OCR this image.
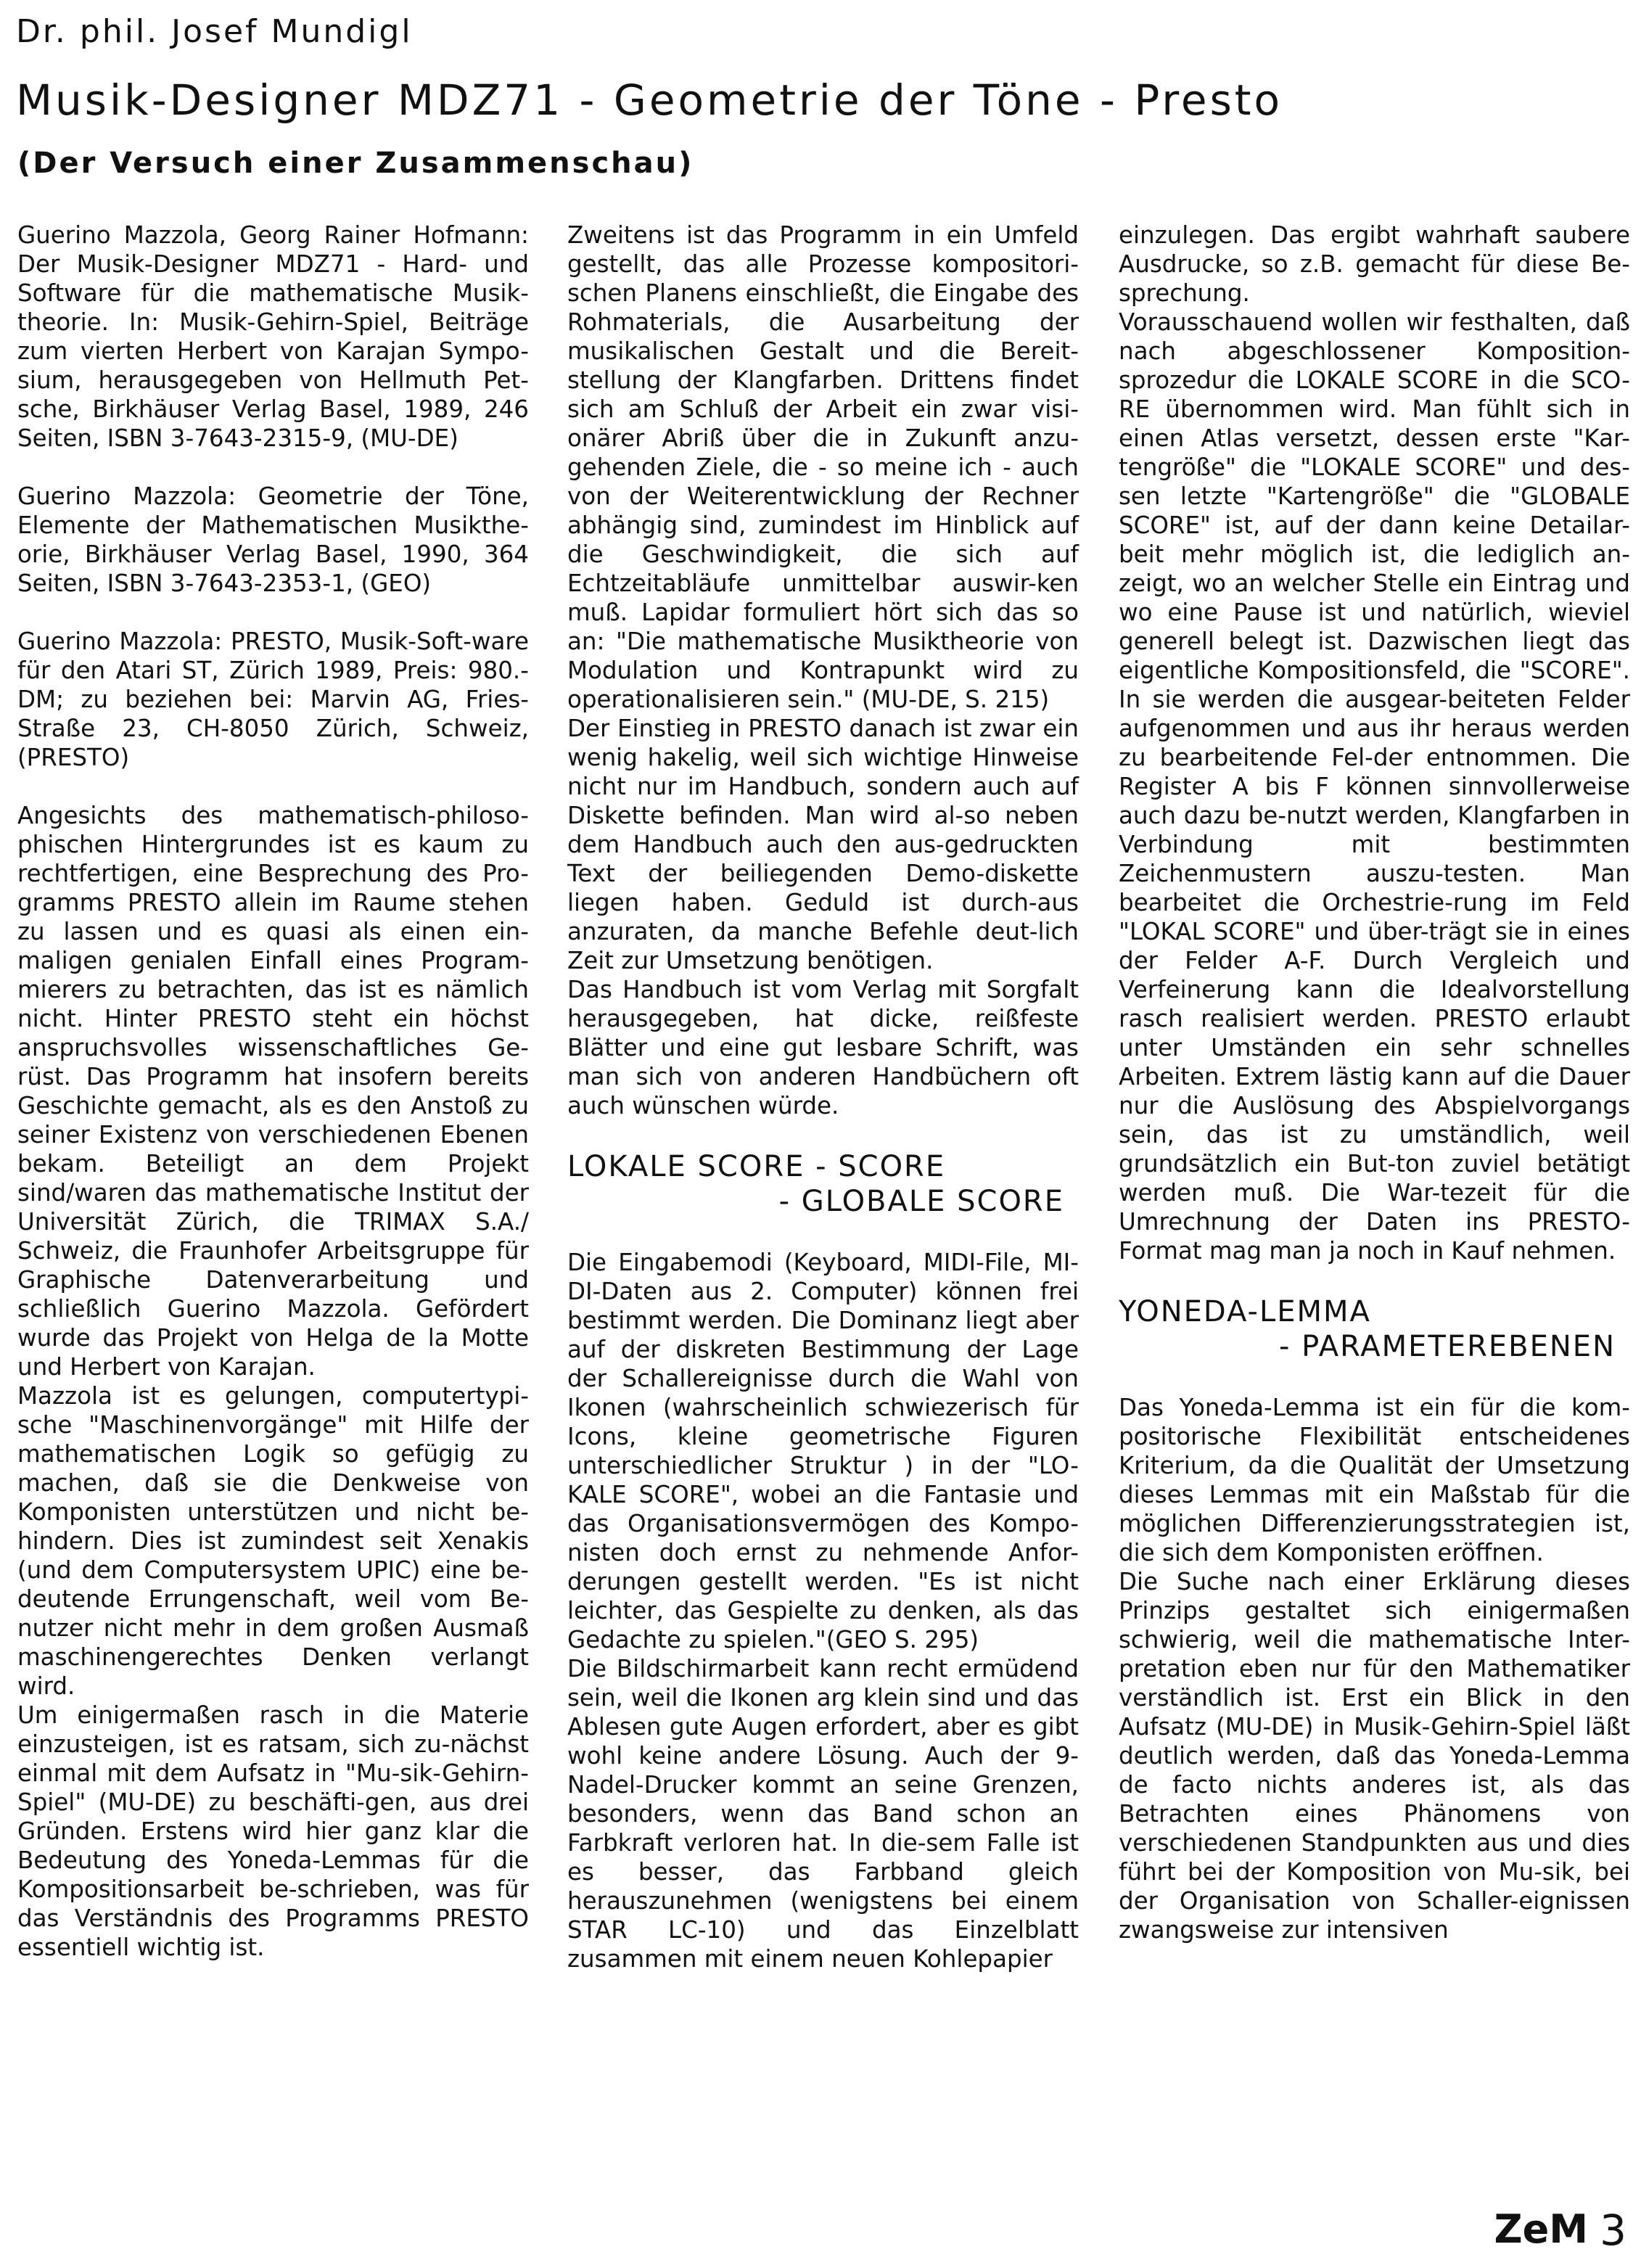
Dr. phil. Josef Mundigl
Musik-Designer MDZ71 - Geometrie der Töne - Presto
(Der Versuch einer Zusammenschau)

Guerino Mazzola, Georg Rainer Hofmann: Der Musik-Designer MDZ71 - Hard- und Software für die mathematische Musik-theorie. In: Musik-Gehirn-Spiel, Beiträge zum vierten Herbert von Karajan Sympo-sium, herausgegeben von Hellmuth Pet-sche, Birkhäuser Verlag Basel, 1989, 246 Seiten, ISBN 3-7643-2315-9, (MU-DE)

Guerino Mazzola: Geometrie der Töne, Elemente der Mathematischen Musikthe-orie, Birkhäuser Verlag Basel, 1990, 364 Seiten, ISBN 3-7643-2353-1, (GEO)

Guerino Mazzola: PRESTO, Musik-Soft-ware für den Atari ST, Zürich 1989, Preis: 980.-DM; zu beziehen bei: Marvin AG, Fries-Straße 23, CH-8050 Zürich, Schweiz, (PRESTO)

Angesichts des mathematisch-philoso-phischen Hintergrundes ist es kaum zu rechtfertigen, eine Besprechung des Pro-gramms PRESTO allein im Raume stehen zu lassen und es quasi als einen ein-maligen genialen Einfall eines Program-mierers zu betrachten, das ist es nämlich nicht. Hinter PRESTO steht ein höchst anspruchsvolles wissenschaftliches Ge-rüst. Das Programm hat insofern bereits Geschichte gemacht, als es den Anstoß zu seiner Existenz von verschiedenen Ebenen bekam. Beteiligt an dem Projekt sind/waren das mathematische Institut der Universität Zürich, die TRIMAX S.A./ Schweiz, die Fraunhofer Arbeitsgruppe für Graphische Datenverarbeitung und schließlich Guerino Mazzola. Gefördert wurde das Projekt von Helga de la Motte und Herbert von Karajan.

Mazzola ist es gelungen, computertypi-sche "Maschinenvorgänge" mit Hilfe der mathematischen Logik so gefügig zu machen, daß sie die Denkweise von Komponisten unterstützen und nicht be-hindern. Dies ist zumindest seit Xenakis (und dem Computersystem UPIC) eine be-deutende Errungenschaft, weil vom Be-nutzer nicht mehr in dem großen Ausmaß maschinengerechtes Denken verlangt wird.

Um einigermaßen rasch in die Materie einzusteigen, ist es ratsam, sich zu-nächst einmal mit dem Aufsatz in "Mu-sik-Gehirn-Spiel" (MU-DE) zu beschäfti-gen, aus drei Gründen. Erstens wird hier ganz klar die Bedeutung des Yoneda-Lemmas für die Kompositionsarbeit be-schrieben, was für das Verständnis des Programms PRESTO essentiell wichtig ist.

Zweitens ist das Programm in ein Umfeld gestellt, das alle Prozesse kompositori-schen Planens einschließt, die Eingabe des Rohmaterials, die Ausarbeitung der musikalischen Gestalt und die Bereit-stellung der Klangfarben. Drittens findet sich am Schluß der Arbeit ein zwar visi-onärer Abriß über die in Zukunft anzu-gehenden Ziele, die - so meine ich - auch von der Weiterentwicklung der Rechner abhängig sind, zumindest im Hinblick auf die Geschwindigkeit, die sich auf Echtzeitabläufe unmittelbar auswir-ken muß. Lapidar formuliert hört sich das so an: "Die mathematische Musiktheorie von Modulation und Kontrapunkt wird zu operationalisieren sein." (MU-DE, S. 215)

Der Einstieg in PRESTO danach ist zwar ein wenig hakelig, weil sich wichtige Hinweise nicht nur im Handbuch, sondern auch auf Diskette befinden. Man wird al-so neben dem Handbuch auch den aus-gedruckten Text der beiliegenden Demo-diskette liegen haben. Geduld ist durch-aus anzuraten, da manche Befehle deut-lich Zeit zur Umsetzung benötigen.

Das Handbuch ist vom Verlag mit Sorgfalt herausgegeben, hat dicke, reißfeste Blätter und eine gut lesbare Schrift, was man sich von anderen Handbüchern oft auch wünschen würde.

LOKALE SCORE - SCORE
- GLOBALE SCORE

Die Eingabemodi (Keyboard, MIDI-File, MI-DI-Daten aus 2. Computer) können frei bestimmt werden. Die Dominanz liegt aber auf der diskreten Bestimmung der Lage der Schallereignisse durch die Wahl von Ikonen (wahrscheinlich schwiezerisch für Icons, kleine geometrische Figuren unterschiedlicher Struktur ) in der "LO-KALE SCORE", wobei an die Fantasie und das Organisationsvermögen des Kompo-nisten doch ernst zu nehmende Anfor-derungen gestellt werden. "Es ist nicht leichter, das Gespielte zu denken, als das Gedachte zu spielen."(GEO S. 295)

Die Bildschirmarbeit kann recht ermüdend sein, weil die Ikonen arg klein sind und das Ablesen gute Augen erfordert, aber es gibt wohl keine andere Lösung. Auch der 9-Nadel-Drucker kommt an seine Grenzen, besonders, wenn das Band schon an Farbkraft verloren hat. In die-sem Falle ist es besser, das Farbband gleich herauszunehmen (wenigstens bei einem STAR LC-10) und das Einzelblatt zusammen mit einem neuen Kohlepapier

einzulegen. Das ergibt wahrhaft saubere Ausdrucke, so z.B. gemacht für diese Be-sprechung.

Vorausschauend wollen wir festhalten, daß nach abgeschlossener Komposition-sprozedur die LOKALE SCORE in die SCO-RE übernommen wird. Man fühlt sich in einen Atlas versetzt, dessen erste "Kar-tengröße" die "LOKALE SCORE" und des-sen letzte "Kartengröße" die "GLOBALE SCORE" ist, auf der dann keine Detailar-beit mehr möglich ist, die lediglich an-zeigt, wo an welcher Stelle ein Eintrag und wo eine Pause ist und natürlich, wieviel generell belegt ist. Dazwischen liegt das eigentliche Kompositionsfeld, die "SCORE". In sie werden die ausgear-beiteten Felder aufgenommen und aus ihr heraus werden zu bearbeitende Fel-der entnommen. Die Register A bis F können sinnvollerweise auch dazu be-nutzt werden, Klangfarben in Verbindung mit bestimmten Zeichenmustern auszu-testen. Man bearbeitet die Orchestrie-rung im Feld "LOKAL SCORE" und über-trägt sie in eines der Felder A-F. Durch Vergleich und Verfeinerung kann die Idealvorstellung rasch realisiert werden. PRESTO erlaubt unter Umständen ein sehr schnelles Arbeiten. Extrem lästig kann auf die Dauer nur die Auslösung des Abspielvorgangs sein, das ist zu umständlich, weil grundsätzlich ein But-ton zuviel betätigt werden muß. Die War-tezeit für die Umrechnung der Daten ins PRESTO-Format mag man ja noch in Kauf nehmen.

YONEDA-LEMMA
- PARAMETEREBENEN

Das Yoneda-Lemma ist ein für die kom-positorische Flexibilität entscheidenes Kriterium, da die Qualität der Umsetzung dieses Lemmas mit ein Maßstab für die möglichen Differenzierungsstrategien ist, die sich dem Komponisten eröffnen.

Die Suche nach einer Erklärung dieses Prinzips gestaltet sich einigermaßen schwierig, weil die mathematische Inter-pretation eben nur für den Mathematiker verständlich ist. Erst ein Blick in den Aufsatz (MU-DE) in Musik-Gehirn-Spiel läßt deutlich werden, daß das Yoneda-Lemma de facto nichts anderes ist, als das Betrachten eines Phänomens von verschiedenen Standpunkten aus und dies führt bei der Komposition von Mu-sik, bei der Organisation von Schaller-eignissen zwangsweise zur intensiven

ZeM 3
